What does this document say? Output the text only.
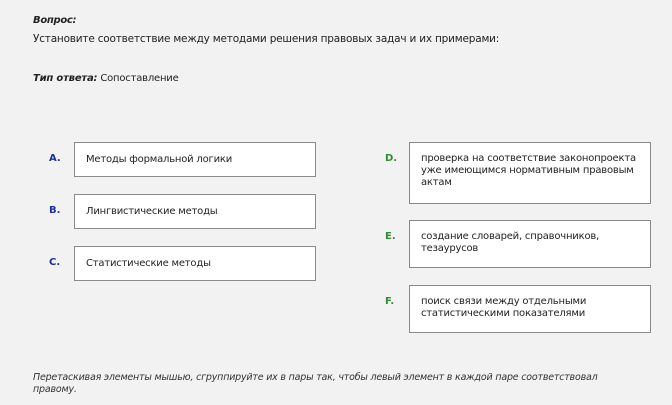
Вопрос:
Установите соответствие между методами решения правовых задач и их примерами:
Тип ответа: Сопоставление
A.	Методы формальной логики
B.	Лингвистические методы
C.	Статистические методы
D.	проверка на соответствие законопроекта уже имеющимся нормативным правовым актам
E.	создание словарей, справочников, тезаурусов
F.	поиск связи между отдельными статистическими показателями
Перетаскивая элементы мышью, сгруппируйте их в пары так, чтобы левый элемент в каждой паре соответствовал правому.
